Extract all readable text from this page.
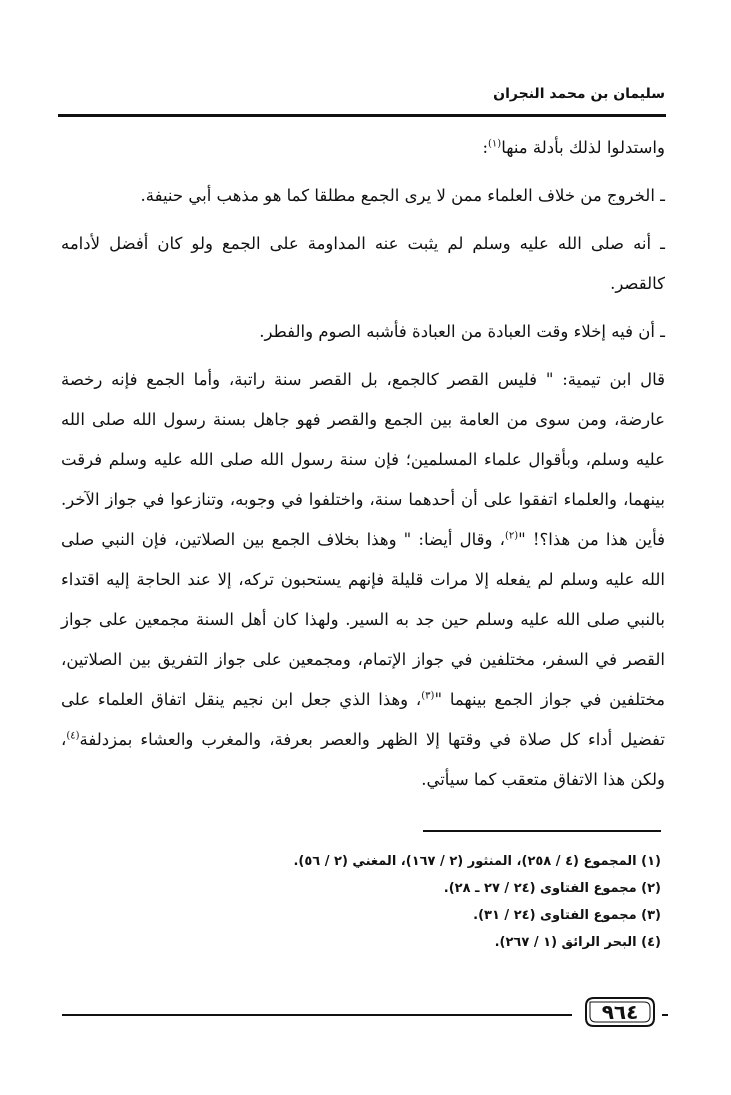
سليمان بن محمد النجران

واستدلوا لذلك بأدلة منها$^{(١)}$:

ـ الخروج من خلاف العلماء ممن لا يرى الجمع مطلقا كما هو مذهب أبي حنيفة.

ـ أنه صلى الله عليه وسلم لم يثبت عنه المداومة على الجمع ولو كان أفضل لأدامه كالقصر.

ـ أن فيه إخلاء وقت العبادة من العبادة فأشبه الصوم والفطر.

قال ابن تيمية: " فليس القصر كالجمع، بل القصر سنة راتبة، وأما الجمع فإنه رخصة عارضة، ومن سوى من العامة بين الجمع والقصر فهو جاهل بسنة رسول الله صلى الله عليه وسلم، وبأقوال علماء المسلمين؛ فإن سنة رسول الله صلى الله عليه وسلم فرقت بينهما، والعلماء اتفقوا على أن أحدهما سنة، واختلفوا في وجوبه، وتنازعوا في جواز الآخر. فأين هذا من هذا؟! "$^{(٢)}$، وقال أيضا: " وهذا بخلاف الجمع بين الصلاتين، فإن النبي صلى الله عليه وسلم لم يفعله إلا مرات قليلة فإنهم يستحبون تركه، إلا عند الحاجة إليه اقتداء بالنبي صلى الله عليه وسلم حين جد به السير. ولهذا كان أهل السنة مجمعين على جواز القصر في السفر، مختلفين في جواز الإتمام، ومجمعين على جواز التفريق بين الصلاتين، مختلفين في جواز الجمع بينهما "$^{(٣)}$، وهذا الذي جعل ابن نجيم ينقل اتفاق العلماء على تفضيل أداء كل صلاة في وقتها إلا الظهر والعصر بعرفة، والمغرب والعشاء بمزدلفة$^{(٤)}$، ولكن هذا الاتفاق متعقب كما سيأتي.

(١) المجموع (٤ / ٢٥٨)، المنثور (٢ / ١٦٧)، المغني (٢ / ٥٦).
(٢) مجموع الفتاوى (٢٤ / ٢٧ ـ ٢٨).
(٣) مجموع الفتاوى (٢٤ / ٣١).
(٤) البحر الرائق (١ / ٢٦٧).
٩٦٤
